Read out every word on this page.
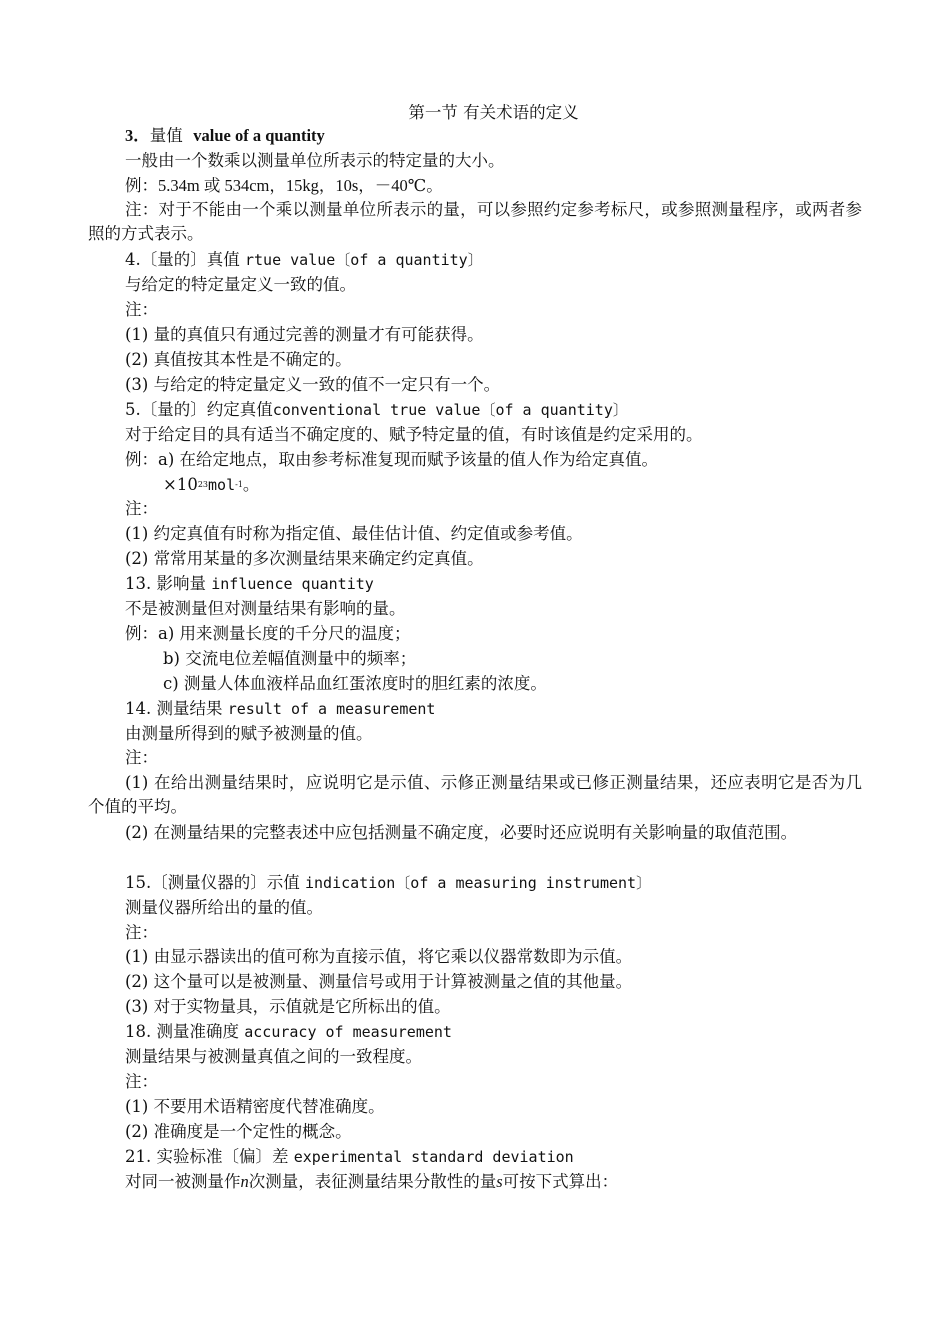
第一节 有关术语的定义
3．量值 value of a quantity
一般由一个数乘以测量单位所表示的特定量的大小。
例：5.34m 或 534cm，15kg，10s，－40℃。
注：对于不能由一个乘以测量单位所表示的量，可以参照约定参考标尺，或参照测量程序，或两者参照的方式表示。
4.〔量的〕真值 rtue value〔of a quantity〕
与给定的特定量定义一致的值。
注：
(1) 量的真值只有通过完善的测量才有可能获得。
(2) 真值按其本性是不确定的。
(3) 与给定的特定量定义一致的值不一定只有一个。
5.〔量的〕约定真值conventional true value〔of a quantity〕
对于给定目的具有适当不确定度的、赋予特定量的值，有时该值是约定采用的。
例：a) 在给定地点，取由参考标准复现而赋予该量的值人作为给定真值。
$\times 10^{23}mol^{-1}$。
注：
(1) 约定真值有时称为指定值、最佳估计值、约定值或参考值。
(2) 常常用某量的多次测量结果来确定约定真值。
13. 影响量 influence quantity
不是被测量但对测量结果有影响的量。
例：a) 用来测量长度的千分尺的温度；
b) 交流电位差幅值测量中的频率；
c) 测量人体血液样品血红蛋浓度时的胆红素的浓度。
14. 测量结果 result of a measurement
由测量所得到的赋予被测量的值。
注：
(1) 在给出测量结果时，应说明它是示值、示修正测量结果或已修正测量结果，还应表明它是否为几个值的平均。
(2) 在测量结果的完整表述中应包括测量不确定度，必要时还应说明有关影响量的取值范围。
15.〔测量仪器的〕示值 indication〔of a measuring instrument〕
测量仪器所给出的量的值。
注：
(1) 由显示器读出的值可称为直接示值，将它乘以仪器常数即为示值。
(2) 这个量可以是被测量、测量信号或用于计算被测量之值的其他量。
(3) 对于实物量具，示值就是它所标出的值。
18. 测量准确度 accuracy of measurement
测量结果与被测量真值之间的一致程度。
注：
(1) 不要用术语精密度代替准确度。
(2) 准确度是一个定性的概念。
21. 实验标准〔偏〕差 experimental standard deviation
对同一被测量作n次测量，表征测量结果分散性的量s可按下式算出：
